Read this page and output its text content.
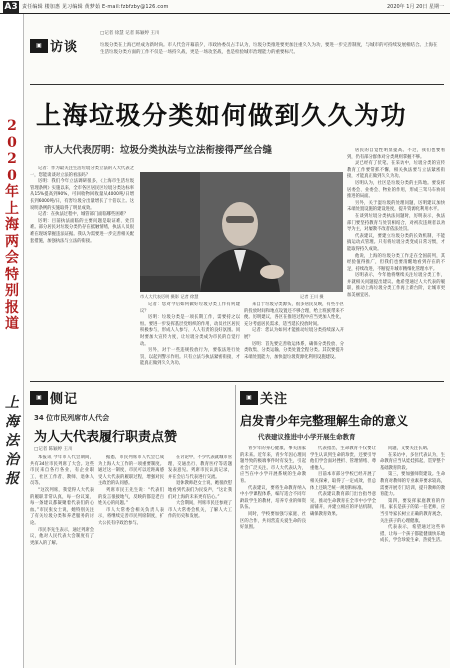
A3 责任编辑 楼加惠 见习编辑 黄梦茹 E-mail:fzbfzby@126.com	2020年 1月 20日 星期一
2020年上海两会特别报道
上海法治报
▣ 访谈
□记者 徐慧 记者 陈颖婷 王川
垃圾分类在上海已经成为新时尚。市人代会开幕前夕，市政协委员占丰认为，垃圾分类推进要更加注重久久为功，要进一步完善制度，与城市的可持续发展相结合。上海在生活垃圾分类方面的工作不仅是一场持久战，更是一场攻坚战，也是检验城市治理能力的重要标尺。
上海垃圾分类如何做到久久为功
市人大代表厉明：垃圾分类执法与立法衔接得严丝合缝

记者：作为最关注生活垃圾分类立法的人大代表之一，您能谈谈对立法的看法吗？

厉明：我们今年立法调研很多，《上海市生活垃圾管理条例》实施以来，全市各区居民区垃圾分类达标率从15%提高到90%，可回收物回收量从4000吨/日增长到6000吨/日，有害垃圾分出量增长了十倍以上。这说明条例的实施取得了明显成效。

记者：在执法过程中，城管部门面临哪些困难？

厉明：目前执法面临的主要问题是取证难、处罚难。部分居民对垃圾分类仍存在抵触情绪，执法人员很难在现场掌握违法证据。我认为需要进一步完善相关配套措施，加强执法与立法的衔接。

市人大代表厉明 摄影 记者 徐慧	记者 王川 摄

记者：您对今后如何做好垃圾分类工作有何建议？

厉明：垃圾分类是一项长期工作，需要持之以恒。要进一步发挥基层党组织的作用，动员社区居民积极参与，形成人人参与、人人有责的良好氛围。同时要加大宣传力度，让垃圾分类成为市民的自觉行动。

另外，对于一些违规投放行为，要依法进行处罚，以起到警示作用。只有立法与执法紧密衔接，才能真正做到久久为功。

来自于垃圾分类源头，很多居民反映，有些小区的投放时间和地点设置还不够合理，给上班族带来不便。厉明建议，各区在推进过程中应当更加人性化，充分考虑居民需求，适当延长投放时间。

记者：您认为如何才能推动垃圾分类持续深入开展？

厉明：首先要完善收运体系，确保分类投放、分类收集、分类运输、分类处置全程分类。其次要提升末端处置能力，加快湿垃圾资源化利用设施建设。

居民的自觉性明显提高。不过，我们也要看到，仍有部分群体对分类规则掌握不够。

灵已经有了伏笔。在采访中，垃圾分类的宣传教育工作要常抓不懈，相关执法要与立法紧密衔接，才能真正做到久久为功。

厉明认为，社区是垃圾分类的主阵地。要发挥居委会、业委会、物业的作用，形成三驾马车协同推进的局面。

另外，关于湿垃圾的处理问题，厉明建议加快末端处置设施的建设进度，提升资源化利用水平。

在谈到垃圾分类执法问题时，厉明表示，执法部门要坚持教育与处罚相结合，对初次违规者以劝导为主，对屡教不改者依法处罚。

代表建议，要建立垃圾分类的长效机制，不能搞运动式管理。只有将垃圾分类变成日常习惯，才能取得持久成效。

他说，上海的垃圾分类工作走在全国前列，其经验值得推广，但我们也要清醒地看到存在的不足，持续改进，不断提升城市精细化管理水平。

厉明表示，今年他将继续关注垃圾分类工作，并就相关问题提出建议。他希望通过人大代表的履职，推动上海垃圾分类工作再上新台阶，让城市更加美丽宜居。

▣ 侧记
34 位市民列席市人代会
为人大代表履行职责点赞
□记者 陈颖婷 王川

本报讯 今年市人代会期间，共有34位市民列席了大会。这些市民来自各行各业，有企业职工、社区工作者、教师、退休人员等。

“这次列席，我觉得人大代表的履职非常认真，每一份议案、每一条建议都凝聚着代表们的心血。”市民张女士说，她特别关注了有关垃圾分类和养老服务的讨论。

市民李先生表示，通过列席会议，他对人民代表大会制度有了更深入的了解。

据悉，市民列席市人代会已成为上海人大工作的一项重要制度。通过这一制度，市民可以近距离感受人大代表的履职过程，增强对民主政治的认同感。

列席市民王先生说：“代表们的发言很接地气，反映的都是老百姓关心的问题。”

市人大常委会相关负责人表示，将继续完善市民列席制度，扩大公民有序政治参与。

在讨论中，不少代表就城市管理、交通出行、教育医疗等话题发表意见。列席市民认真记录，并在会后与代表进行交流。

退休教师赵女士说，她很欣慰地看到代表们为民发声，“这让我们对上海的未来更有信心。”

大会期间，列席市民还参观了市人大常委会机关，了解人大工作的历史和发展。

▣ 关注
启发青少年完整理解生命的意义
代表建议推进中小学开展生命教育

青少年的身心健康，事关国家的未来。近年来，青少年因心理问题导致的极端事件时有发生，引起社会广泛关注。市人大代表认为，应当在中小学开展系统的生命教育。

代表建议，要将生命教育纳入中小学课程体系，编写适合不同年龄段学生的教材，培养专业的师资队伍。

同时，学校要加强与家庭、社区的合作，共同营造关爱生命的良好氛围。

代表指出，生命教育不仅要让学生认识到生命的珍贵，还要引导他们学会面对挫折、管理情绪、尊重他人。

目前本市部分学校已经开展了相关探索，取得了一定成效，但总体上还缺乏统一规划和标准。

代表建议教育部门出台指导意见，推动生命教育在全市中小学全面铺开，并建立相应的评估机制，确保教育效果。

问题，又要关注长期。

在采访中，多位代表认为，生命教育应当从娃娃抓起，贯穿整个基础教育阶段。

第三，要加强师资建设。生命教育对教师的专业素养要求较高，需要开展专门培训，提升教师的教育能力。

第四，要发挥家庭教育的作用。家长是孩子的第一任老师，应当引导家长树立正确的教育观念，关注孩子的心理健康。

代表表示，希望通过这些举措，让每一个孩子都能健康快乐地成长，学会珍爱生命、热爱生活。
